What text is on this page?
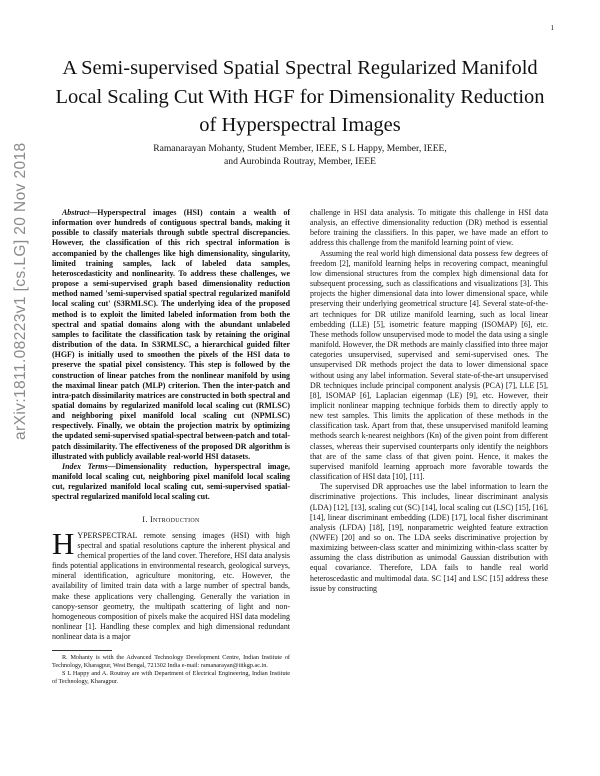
1
arXiv:1811.08223v1 [cs.LG] 20 Nov 2018
A Semi-supervised Spatial Spectral Regularized Manifold Local Scaling Cut With HGF for Dimensionality Reduction of Hyperspectral Images
Ramanarayan Mohanty, Student Member, IEEE, S L Happy, Member, IEEE,
and Aurobinda Routray, Member, IEEE

Abstract—Hyperspectral images (HSI) contain a wealth of information over hundreds of contiguous spectral bands, making it possible to classify materials through subtle spectral discrepancies. However, the classification of this rich spectral information is accompanied by the challenges like high dimensionality, singularity, limited training samples, lack of labeled data samples, heteroscedasticity and nonlinearity. To address these challenges, we propose a semi-supervised graph based dimensionality reduction method named 'semi-supervised spatial spectral regularized manifold local scaling cut' (S3RMLSC). The underlying idea of the proposed method is to exploit the limited labeled information from both the spectral and spatial domains along with the abundant unlabeled samples to facilitate the classification task by retaining the original distribution of the data. In S3RMLSC, a hierarchical guided filter (HGF) is initially used to smoothen the pixels of the HSI data to preserve the spatial pixel consistency. This step is followed by the construction of linear patches from the nonlinear manifold by using the maximal linear patch (MLP) criterion. Then the inter-patch and intra-patch dissimilarity matrices are constructed in both spectral and spatial domains by regularized manifold local scaling cut (RMLSC) and neighboring pixel manifold local scaling cut (NPMLSC) respectively. Finally, we obtain the projection matrix by optimizing the updated semi-supervised spatial-spectral between-patch and total-patch dissimilarity. The effectiveness of the proposed DR algorithm is illustrated with publicly available real-world HSI datasets.

Index Terms—Dimensionality reduction, hyperspectral image, manifold local scaling cut, neighboring pixel manifold local scaling cut, regularized manifold local scaling cut, semi-supervised spatial-spectral regularized manifold local scaling cut.

I. Introduction

HYPERSPECTRAL remote sensing images (HSI) with high spectral and spatial resolutions capture the inherent physical and chemical properties of the land cover. Therefore, HSI data analysis finds potential applications in environmental research, geological surveys, mineral identification, agriculture monitoring, etc. However, the availability of limited train data with a large number of spectral bands, make these applications very challenging. Generally the variation in canopy-sensor geometry, the multipath scattering of light and non-homogeneous composition of pixels make the acquired HSI data modeling nonlinear [1]. Handling these complex and high dimensional redundant nonlinear data is a major

R. Mohanty is with the Advanced Technology Development Centre, Indian Institute of Technology, Kharagpur, West Bengal, 721302 India e-mail: ramanarayan@iitkgp.ac.in.

S L Happy and A. Routray are with Department of Electrical Engineering, Indian Institute of Technology, Kharagpur.

challenge in HSI data analysis. To mitigate this challenge in HSI data analysis, an effective dimensionality reduction (DR) method is essential before training the classifiers. In this paper, we have made an effort to address this challenge from the manifold learning point of view.

Assuming the real world high dimensional data possess few degrees of freedom [2], manifold learning helps in recovering compact, meaningful low dimensional structures from the complex high dimensional data for subsequent processing, such as classifications and visualizations [3]. This projects the higher dimensional data into lower dimensional space, while preserving their underlying geometrical structure [4]. Several state-of-the-art techniques for DR utilize manifold learning, such as local linear embedding (LLE) [5], isometric feature mapping (ISOMAP) [6], etc. These methods follow unsupervised mode to model the data using a single manifold. However, the DR methods are mainly classified into three major categories unsupervised, supervised and semi-supervised ones. The unsupervised DR methods project the data to lower dimensional space without using any label information. Several state-of-the-art unsupervised DR techniques include principal component analysis (PCA) [7], LLE [5], [8], ISOMAP [6], Laplacian eigenmap (LE) [9], etc. However, their implicit nonlinear mapping technique forbids them to directly apply to new test samples. This limits the application of these methods in the classification task. Apart from that, these unsupervised manifold learning methods search k-nearest neighbors (Kn) of the given point from different classes, whereas their supervised counterparts only identify the neighbors that are of the same class of that given point. Hence, it makes the supervised manifold learning approach more favorable towards the classification of HSI data [10], [11].

The supervised DR approaches use the label information to learn the discriminative projections. This includes, linear discriminant analysis (LDA) [12], [13], scaling cut (SC) [14], local scaling cut (LSC) [15], [16], [14], linear discriminant embedding (LDE) [17], local fisher discriminant analysis (LFDA) [18], [19], nonparametric weighted feature extraction (NWFE) [20] and so on. The LDA seeks discriminative projection by maximizing between-class scatter and minimizing within-class scatter by assuming the class distribution as unimodal Gaussian distribution with equal covariance. Therefore, LDA fails to handle real world heteroscedastic and multimodal data. SC [14] and LSC [15] address these issue by constructing
